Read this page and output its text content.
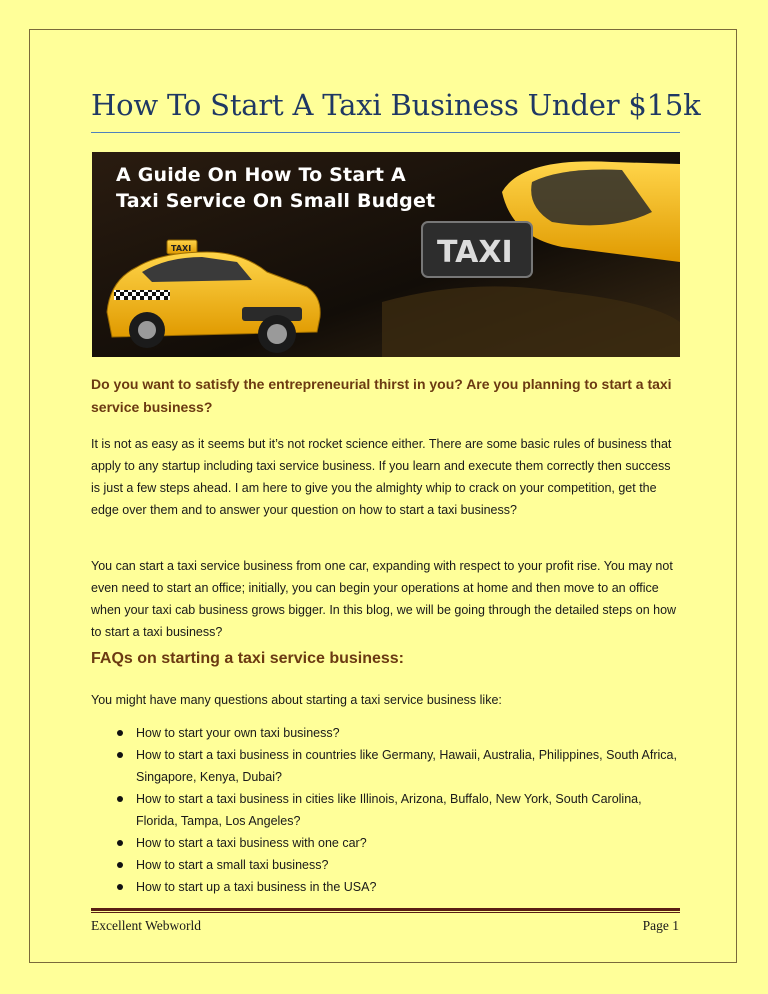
How To Start A Taxi Business Under $15k
TAXI
TAXI
A Guide On How To Start A
Taxi Service On Small Budget

Do you want to satisfy the entrepreneurial thirst in you? Are you planning to start a taxi service business?

It is not as easy as it seems but it’s not rocket science either. There are some basic rules of business that apply to any startup including taxi service business. If you learn and execute them correctly then success is just a few steps ahead. I am here to give you the almighty whip to crack on your competition, get the edge over them and to answer your question on how to start a taxi business?

You can start a taxi service business from one car, expanding with respect to your profit rise. You may not even need to start an office; initially, you can begin your operations at home and then move to an office when your taxi cab business grows bigger. In this blog, we will be going through the detailed steps on how to start a taxi business?

FAQs on starting a taxi service business:

You might have many questions about starting a taxi service business like:

How to start your own taxi business?
How to start a taxi business in countries like Germany, Hawaii, Australia, Philippines, South Africa, Singapore, Kenya, Dubai?
How to start a taxi business in cities like Illinois, Arizona, Buffalo, New York, South Carolina, Florida, Tampa, Los Angeles?
How to start a taxi business with one car?
How to start a small taxi business?
How to start up a taxi business in the USA?
Excellent Webworld	Page 1
